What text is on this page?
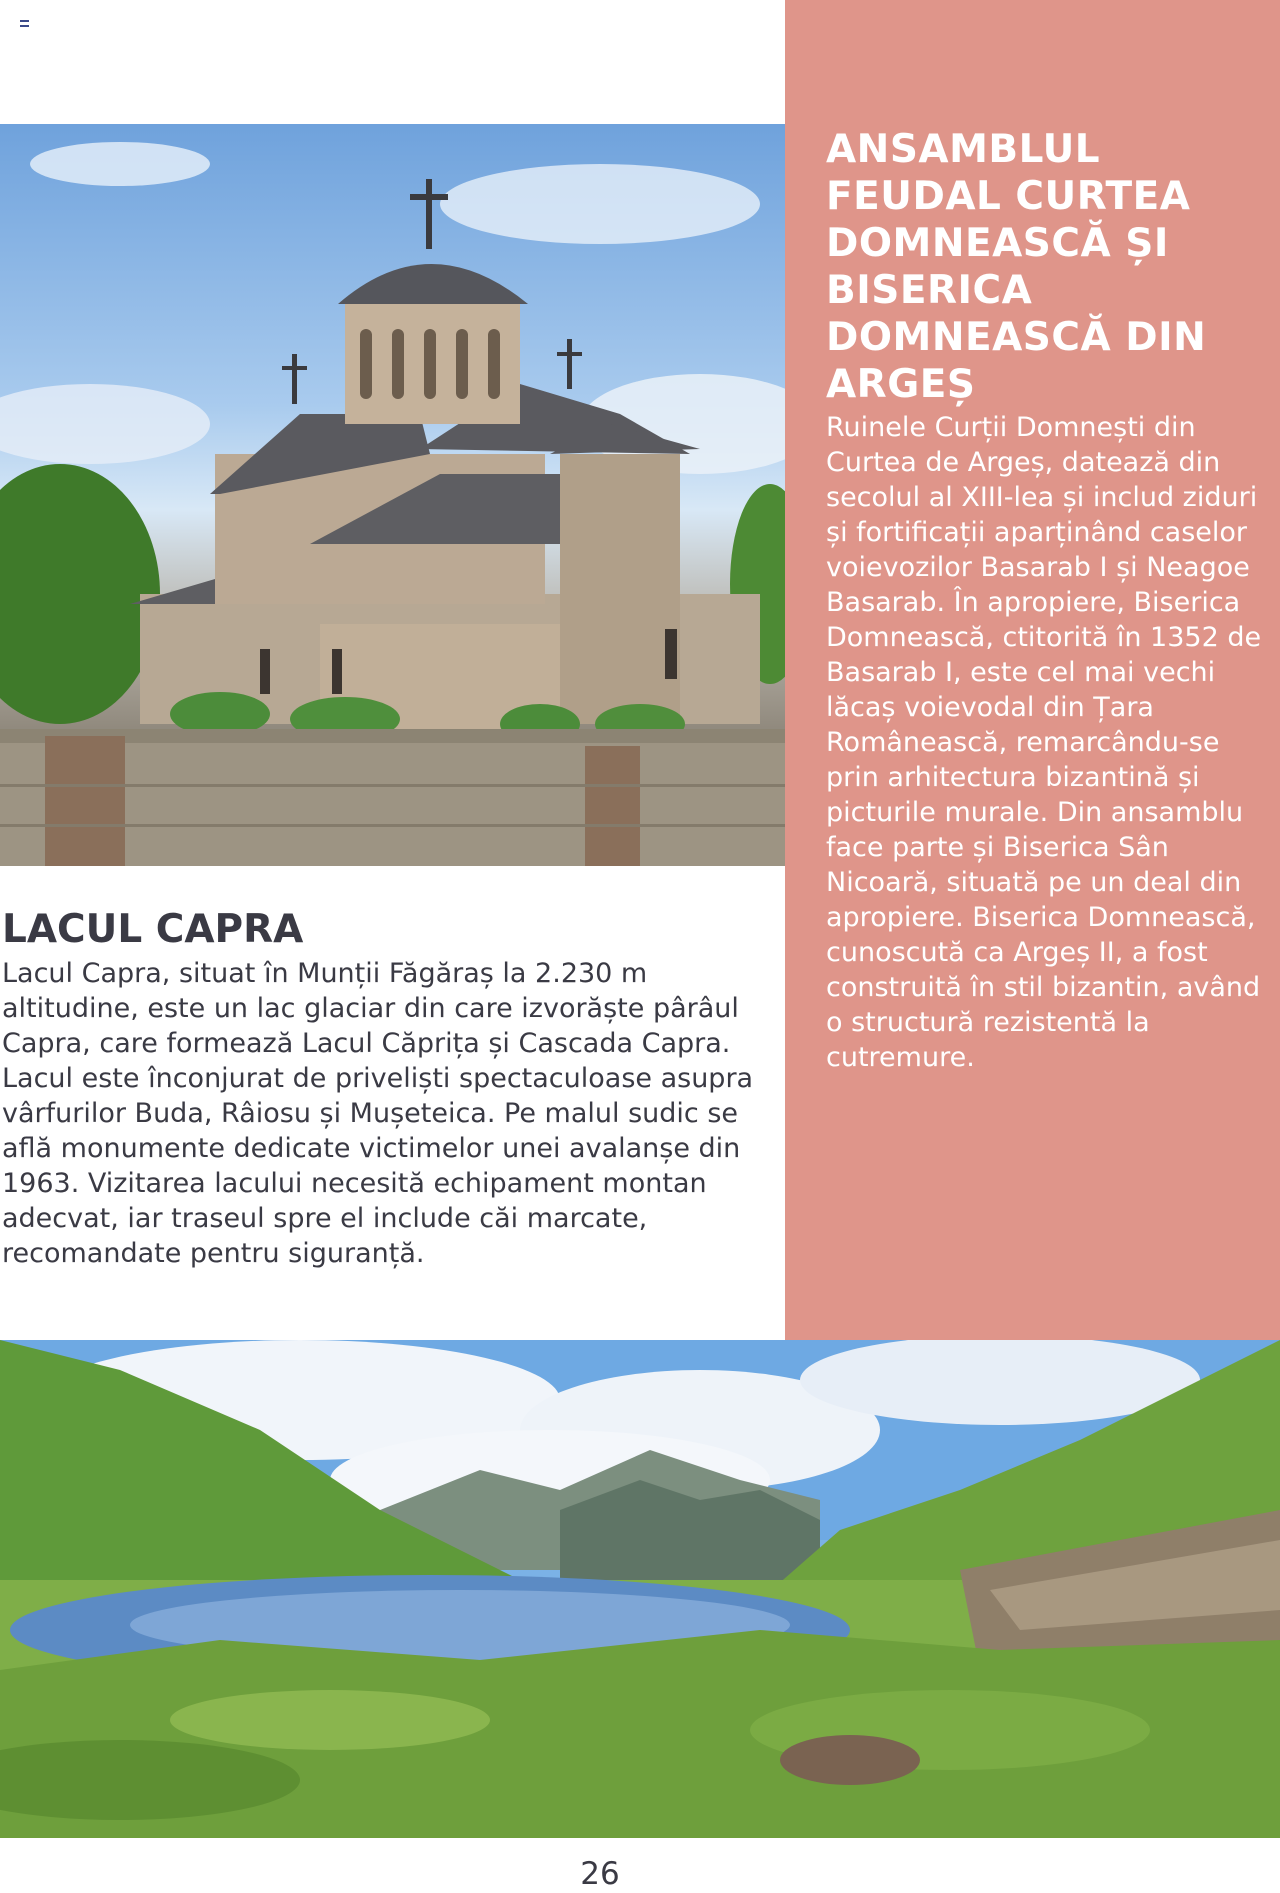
ANSAMBLUL FEUDAL CURTEA DOMNEASCĂ ȘI BISERICA DOMNEASCĂ DIN ARGEȘ
Ruinele Curții Domnești din Curtea de Argeș, datează din secolul al XIII-lea și includ ziduri și fortificații aparținând caselor voievozilor Basarab I și Neagoe Basarab. În apropiere, Biserica Domnească, ctitorită în 1352 de Basarab I, este cel mai vechi lăcaș voievodal din Țara Românească, remarcându-se prin arhitectura bizantină și picturile murale. Din ansamblu face parte și Biserica Sân Nicoară, situată pe un deal din apropiere. Biserica Domnească, cunoscută ca Argeș II, a fost construită în stil bizantin, având o structură rezistentă la cutremure.
LACUL CAPRA
Lacul Capra, situat în Munții Făgăraș la 2.230 m altitudine, este un lac glaciar din care izvorăște pârâul Capra, care formează Lacul Căprița și Cascada Capra. Lacul este înconjurat de priveliști spectaculoase asupra vârfurilor Buda, Râiosu și Mușeteica. Pe malul sudic se află monumente dedicate victimelor unei avalanșe din 1963. Vizitarea lacului necesită echipament montan adecvat, iar traseul spre el include căi marcate, recomandate pentru siguranță.
26
